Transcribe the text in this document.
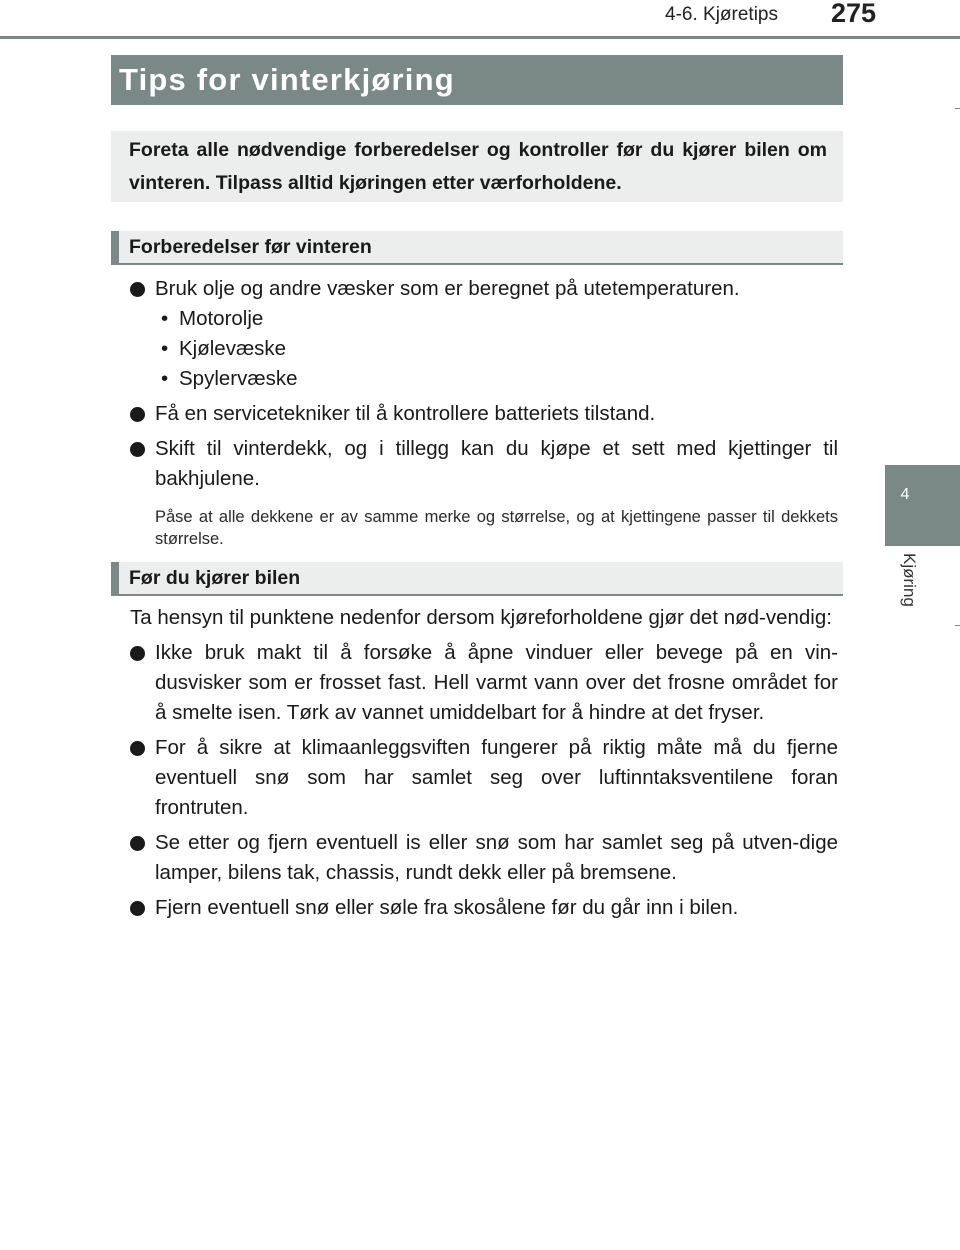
4-6. Kjøretips	275
4
Kjøring
Tips for vinterkjøring

Foreta alle nødvendige forberedelser og kontroller før du kjører bilen om vinteren. Tilpass alltid kjøringen etter værforholdene.

Forberedelser før vinteren
Bruk olje og andre væsker som er beregnet på utetemperaturen.
• Motorolje
• Kjølevæske
• Spylervæske
Få en servicetekniker til å kontrollere batteriets tilstand.
Skift til vinterdekk, og i tillegg kan du kjøpe et sett med kjettinger til bakhjulene.
Påse at alle dekkene er av samme merke og størrelse, og at kjettingene passer til dekkets størrelse.
Før du kjører bilen
Ta hensyn til punktene nedenfor dersom kjøreforholdene gjør det nød-vendig:
Ikke bruk makt til å forsøke å åpne vinduer eller bevege på en vin-dusvisker som er frosset fast. Hell varmt vann over det frosne området for å smelte isen. Tørk av vannet umiddelbart for å hindre at det fryser.
For å sikre at klimaanleggsviften fungerer på riktig måte må du fjerne eventuell snø som har samlet seg over luftinntaksventilene foran frontruten.
Se etter og fjern eventuell is eller snø som har samlet seg på utven-dige lamper, bilens tak, chassis, rundt dekk eller på bremsene.
Fjern eventuell snø eller søle fra skosålene før du går inn i bilen.
